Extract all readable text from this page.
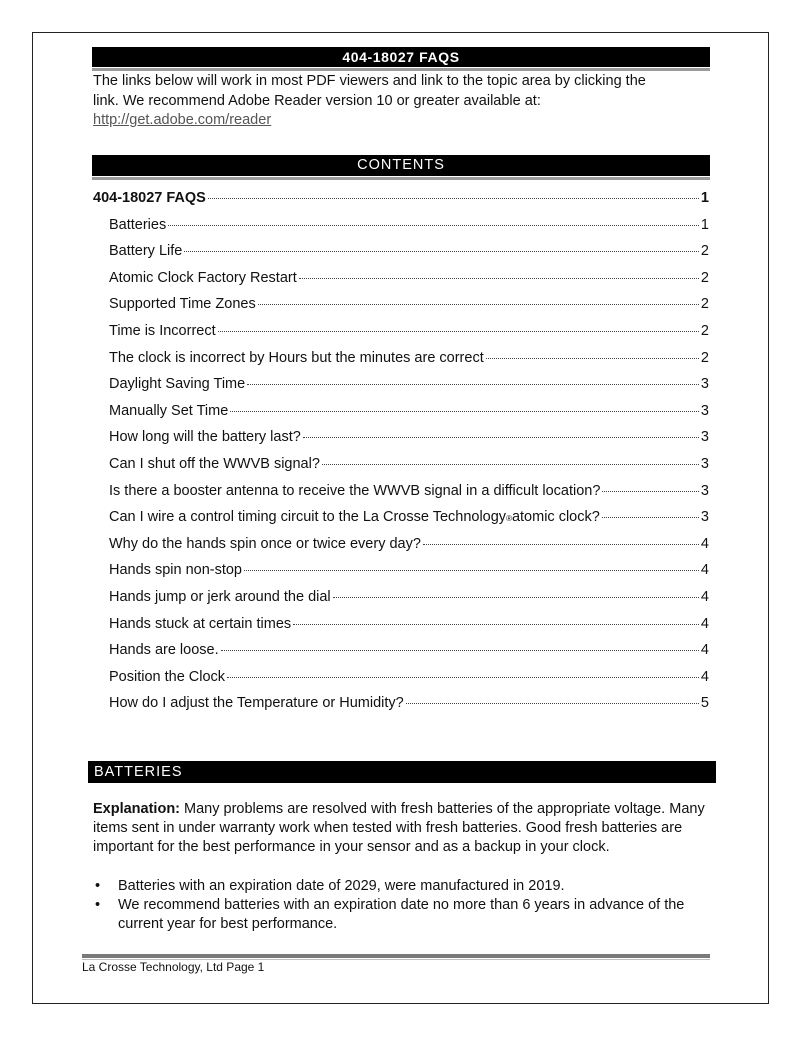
404-18027 FAQS
The links below will work in most PDF viewers and link to the topic area by clicking the
link. We recommend Adobe Reader version 10 or greater available at:
http://get.adobe.com/reader
CONTENTS
404-18027 FAQS	1
Batteries	1
Battery Life	2
Atomic Clock Factory Restart	2
Supported Time Zones	2
Time is Incorrect	2
The clock is incorrect by Hours but the minutes are correct	2
Daylight Saving Time	3
Manually Set Time	3
How long will the battery last?	3
Can I shut off the WWVB signal?	3
Is there a booster antenna to receive the WWVB signal in a difficult location?	3
Can I wire a control timing circuit to the La Crosse Technology ® atomic clock?	3
Why do the hands spin once or twice every day?	4
Hands spin non-stop	4
Hands jump or jerk around the dial	4
Hands stuck at certain times	4
Hands are loose.	4
Position the Clock	4
How do I adjust the Temperature or Humidity?	5
BATTERIES
Explanation: Many problems are resolved with fresh batteries of the appropriate voltage. Many items sent in under warranty work when tested with fresh batteries. Good fresh batteries are important for the best performance in your sensor and as a backup in your clock.
• Batteries with an expiration date of 2029, were manufactured in 2019.
• We recommend batteries with an expiration date no more than 6 years in advance of the current year for best performance.
La Crosse Technology, Ltd Page 1
